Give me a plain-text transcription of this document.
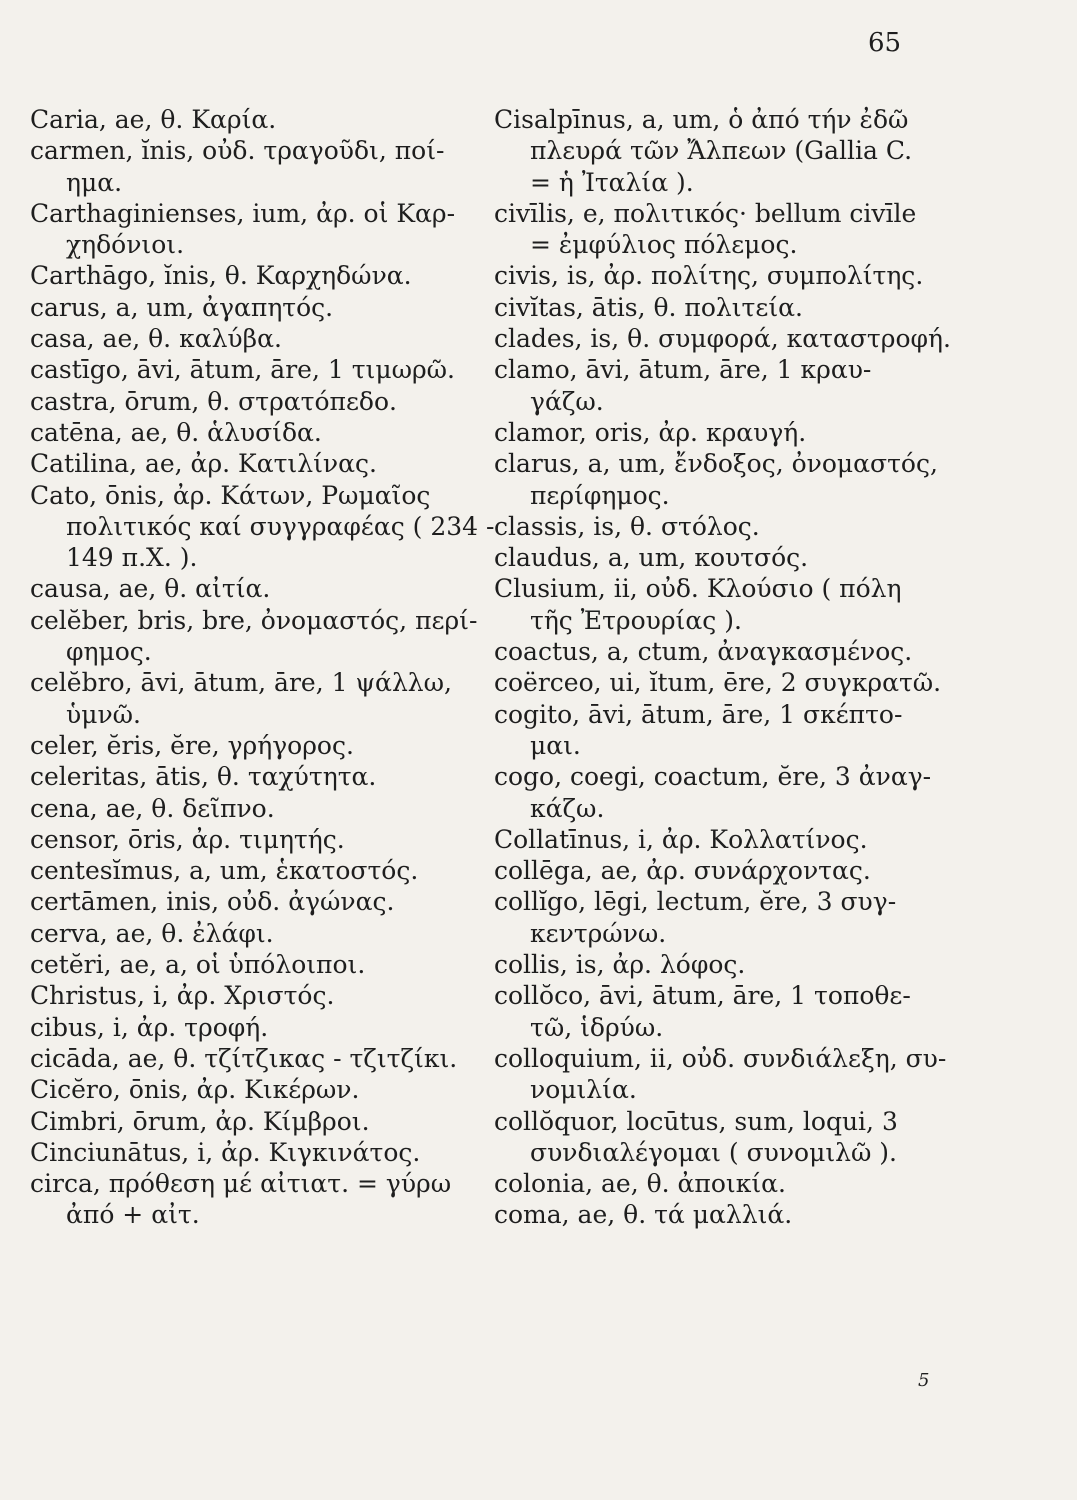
65
Caria, ae, θ. Καρία.
carmen, ĭnis, οὐδ. τραγοῦδι, ποί-
ημα.
Carthaginienses, ium, ἀρ. οἱ Καρ-
χηδόνιοι.
Carthāgo, ĭnis, θ. Καρχηδώνα.
carus, a, um, ἀγαπητός.
casa, ae, θ. καλύβα.
castīgo, āvi, ātum, āre, 1 τιμωρῶ.
castra, ōrum, θ. στρατόπεδο.
catēna, ae, θ. ἁλυσίδα.
Catilina, ae, ἀρ. Κατιλίνας.
Cato, ōnis, ἀρ. Κάτων, Ρωμαῖος
πολιτικός καί συγγραφέας ( 234 -
149 π.Χ. ).
causa, ae, θ. αἰτία.
celĕber, bris, bre, ὀνομαστός, περί-
φημος.
celĕbro, āvi, ātum, āre, 1 ψάλλω,
ὑμνῶ.
celer, ĕris, ĕre, γρήγορος.
celeritas, ātis, θ. ταχύτητα.
cena, ae, θ. δεῖπνο.
censor, ōris, ἀρ. τιμητής.
centesĭmus, a, um, ἑκατοστός.
certāmen, inis, οὐδ. ἀγώνας.
cerva, ae, θ. ἐλάφι.
cetĕri, ae, a, οἱ ὑπόλοιποι.
Christus, i, ἀρ. Χριστός.
cibus, i, ἀρ. τροφή.
cicāda, ae, θ. τζίτζικας - τζιτζίκι.
Cicĕro, ōnis, ἀρ. Κικέρων.
Cimbri, ōrum, ἀρ. Κίμβροι.
Cinciunātus, i, ἀρ. Κιγκινάτος.
circa, πρόθεση μέ αἰτιατ. = γύρω
ἀπό + αἰτ.
Cisalpīnus, a, um, ὁ ἀπό τήν ἐδῶ
πλευρά τῶν Ἄλπεων (Gallia C.
= ἡ Ἰταλία ).
civīlis, e, πολιτικός· bellum civīle
= ἐμφύλιος πόλεμος.
civis, is, ἀρ. πολίτης, συμπολίτης.
civĭtas, ātis, θ. πολιτεία.
clades, is, θ. συμφορά, καταστροφή.
clamo, āvi, ātum, āre, 1 κραυ-
γάζω.
clamor, oris, ἀρ. κραυγή.
clarus, a, um, ἔνδοξος, ὀνομαστός,
περίφημος.
classis, is, θ. στόλος.
claudus, a, um, κουτσός.
Clusium, ii, οὐδ. Κλούσιο ( πόλη
τῆς Ἐτρουρίας ).
coactus, a, ctum, ἀναγκασμένος.
coërceo, ui, ĭtum, ēre, 2 συγκρατῶ.
cogito, āvi, ātum, āre, 1 σκέπτο-
μαι.
cogo, coegi, coactum, ĕre, 3 ἀναγ-
κάζω.
Collatīnus, i, ἀρ. Κολλατίνος.
collēga, ae, ἀρ. συνάρχοντας.
collĭgo, lēgi, lectum, ĕre, 3 συγ-
κεντρώνω.
collis, is, ἀρ. λόφος.
collŏco, āvi, ātum, āre, 1 τοποθε-
τῶ, ἱδρύω.
colloquium, ii, οὐδ. συνδιάλεξη, συ-
νομιλία.
collŏquor, locūtus, sum, loqui, 3
συνδιαλέγομαι ( συνομιλῶ ).
colonia, ae, θ. ἀποικία.
coma, ae, θ. τά μαλλιά.
5
